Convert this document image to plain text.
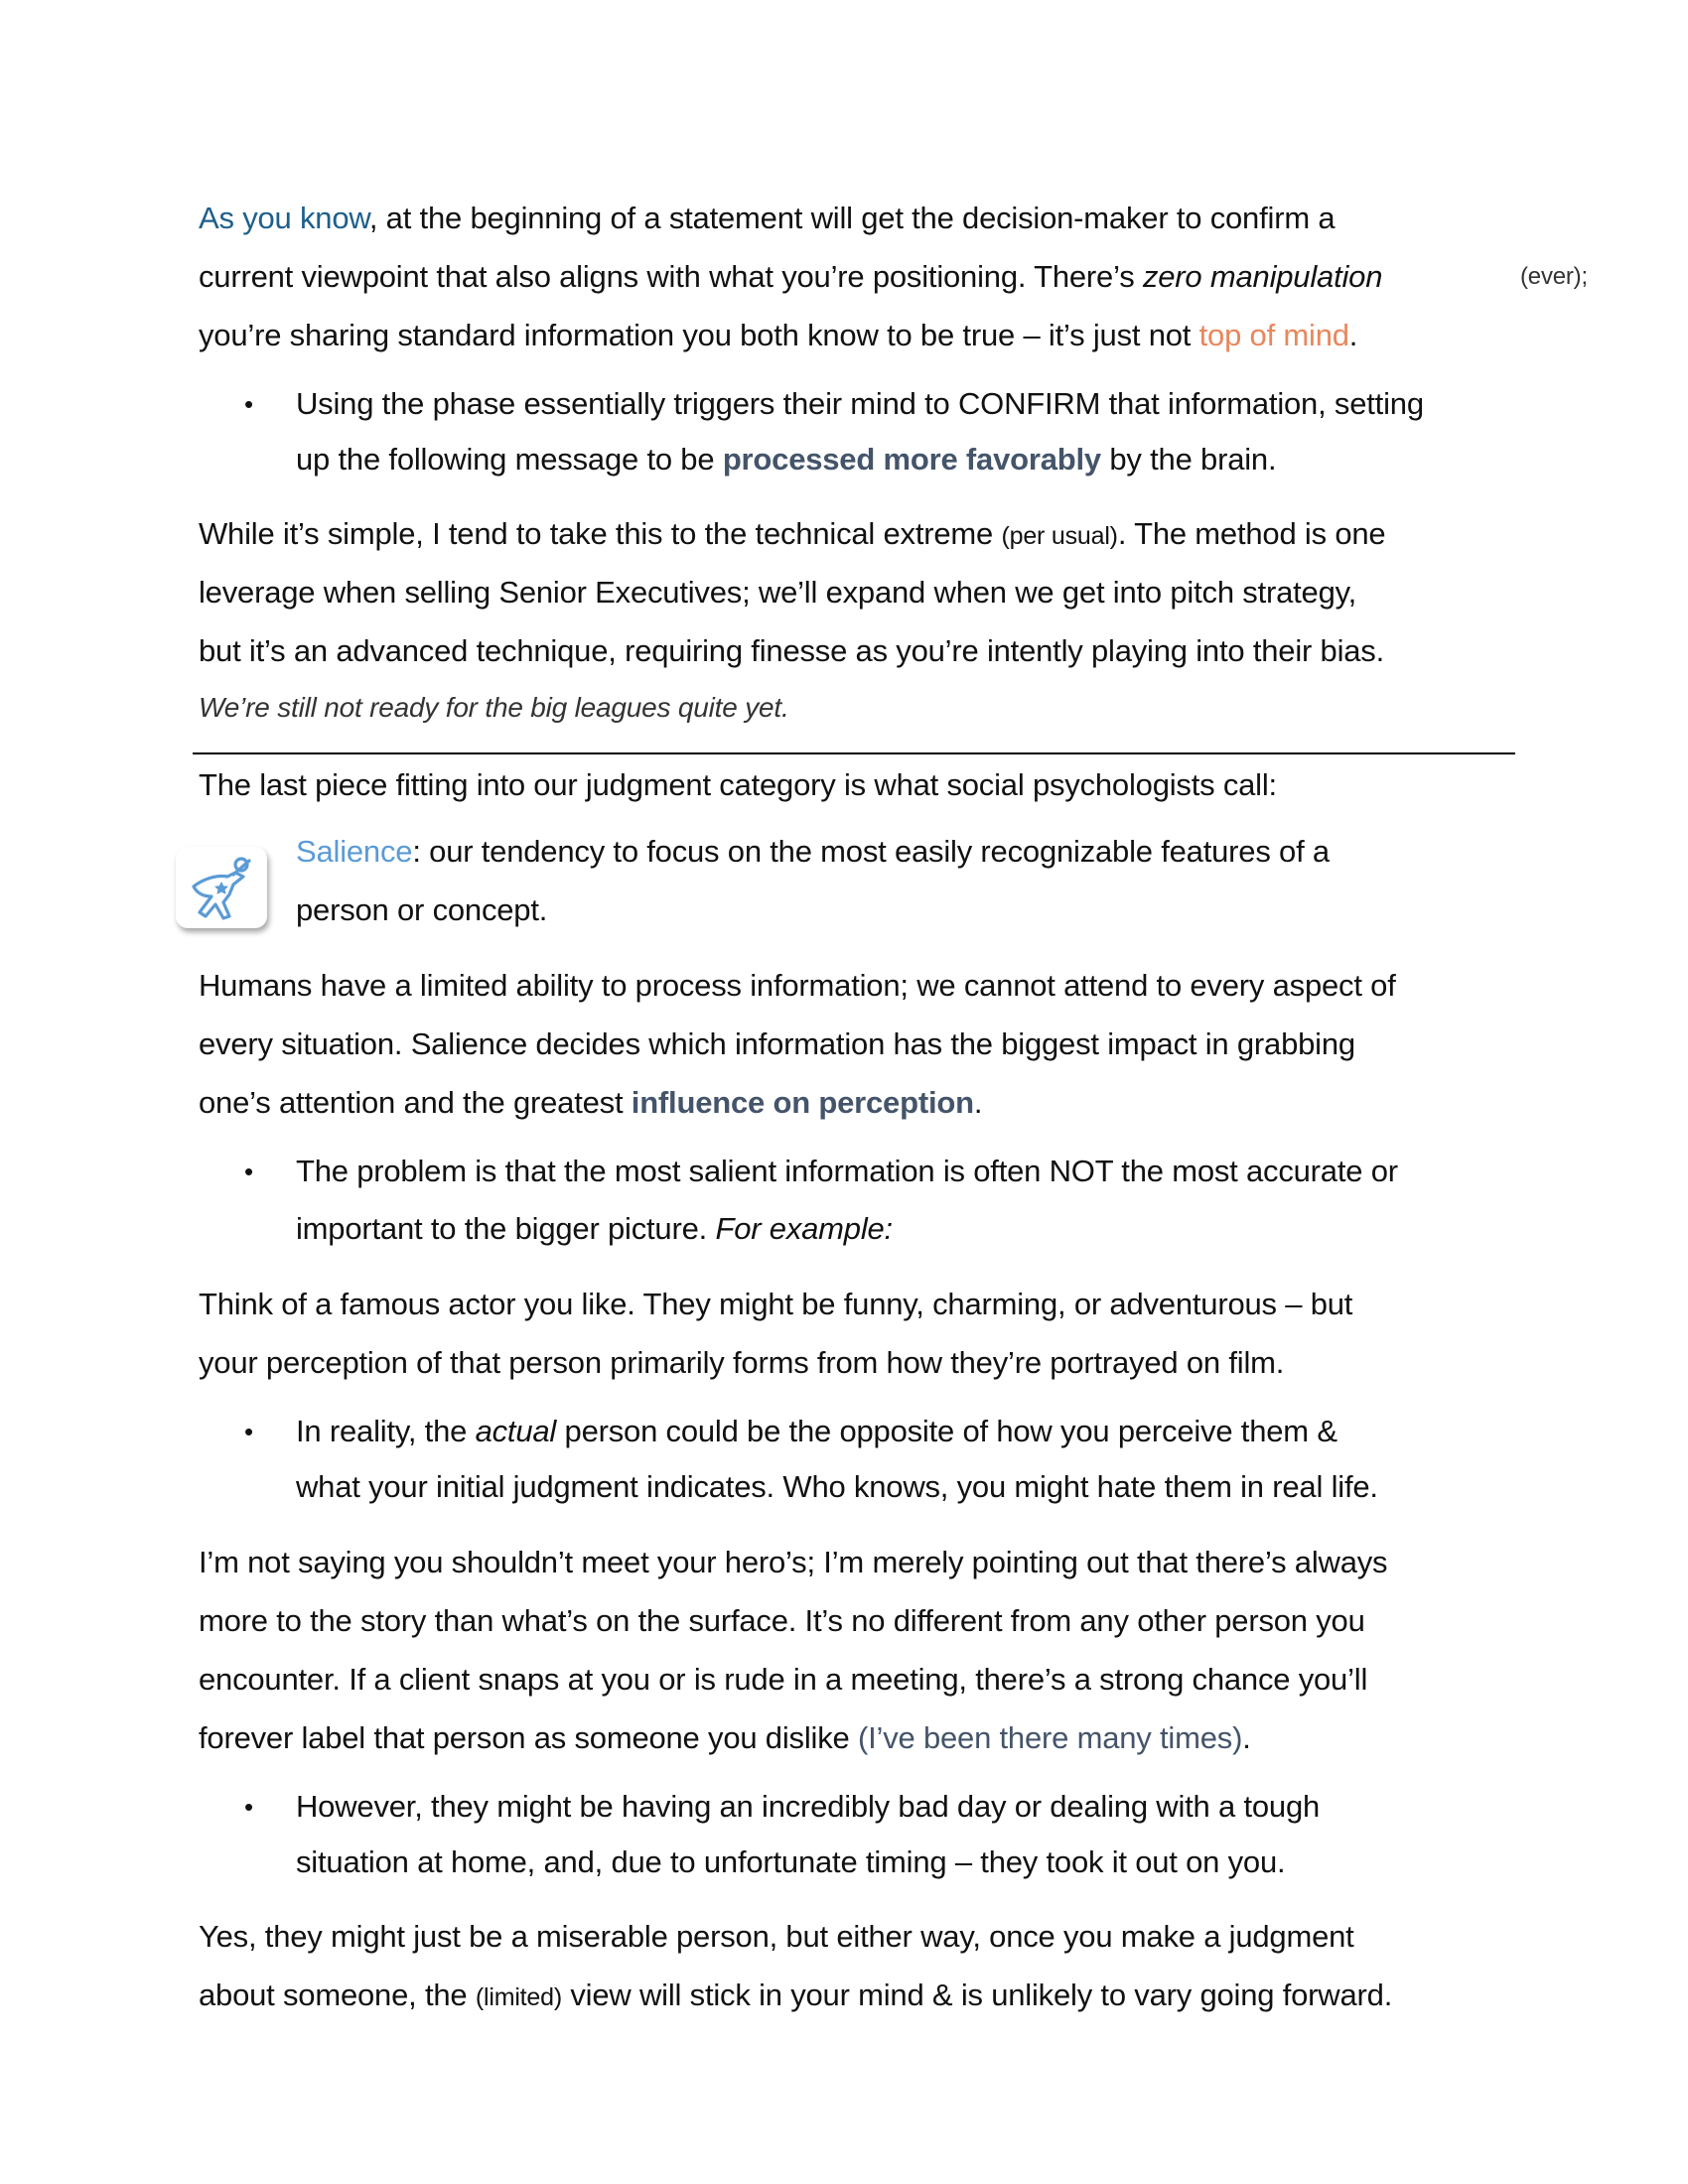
As you know, at the beginning of a statement will get the decision-maker to confirm a
current viewpoint that also aligns with what you’re positioning. There’s zero manipulation	(ever);
you’re sharing standard information you both know to be true – it’s just not top of mind.
• Using the phase essentially triggers their mind to CONFIRM that information, setting
up the following message to be processed more favorably by the brain.
While it’s simple, I tend to take this to the technical extreme (per usual). The method is one
leverage when selling Senior Executives; we’ll expand when we get into pitch strategy,
but it’s an advanced technique, requiring finesse as you’re intently playing into their bias.
We’re still not ready for the big leagues quite yet.
The last piece fitting into our judgment category is what social psychologists call:
Salience: our tendency to focus on the most easily recognizable features of a
person or concept.
Humans have a limited ability to process information; we cannot attend to every aspect of
every situation. Salience decides which information has the biggest impact in grabbing
one’s attention and the greatest influence on perception.
• The problem is that the most salient information is often NOT the most accurate or
important to the bigger picture. For example:
Think of a famous actor you like. They might be funny, charming, or adventurous – but
your perception of that person primarily forms from how they’re portrayed on film.
• In reality, the actual person could be the opposite of how you perceive them &
what your initial judgment indicates. Who knows, you might hate them in real life.
I’m not saying you shouldn’t meet your hero’s; I’m merely pointing out that there’s always
more to the story than what’s on the surface. It’s no different from any other person you
encounter. If a client snaps at you or is rude in a meeting, there’s a strong chance you’ll
forever label that person as someone you dislike (I’ve been there many times).
• However, they might be having an incredibly bad day or dealing with a tough
situation at home, and, due to unfortunate timing – they took it out on you.
Yes, they might just be a miserable person, but either way, once you make a judgment
about someone, the (limited) view will stick in your mind & is unlikely to vary going forward.
